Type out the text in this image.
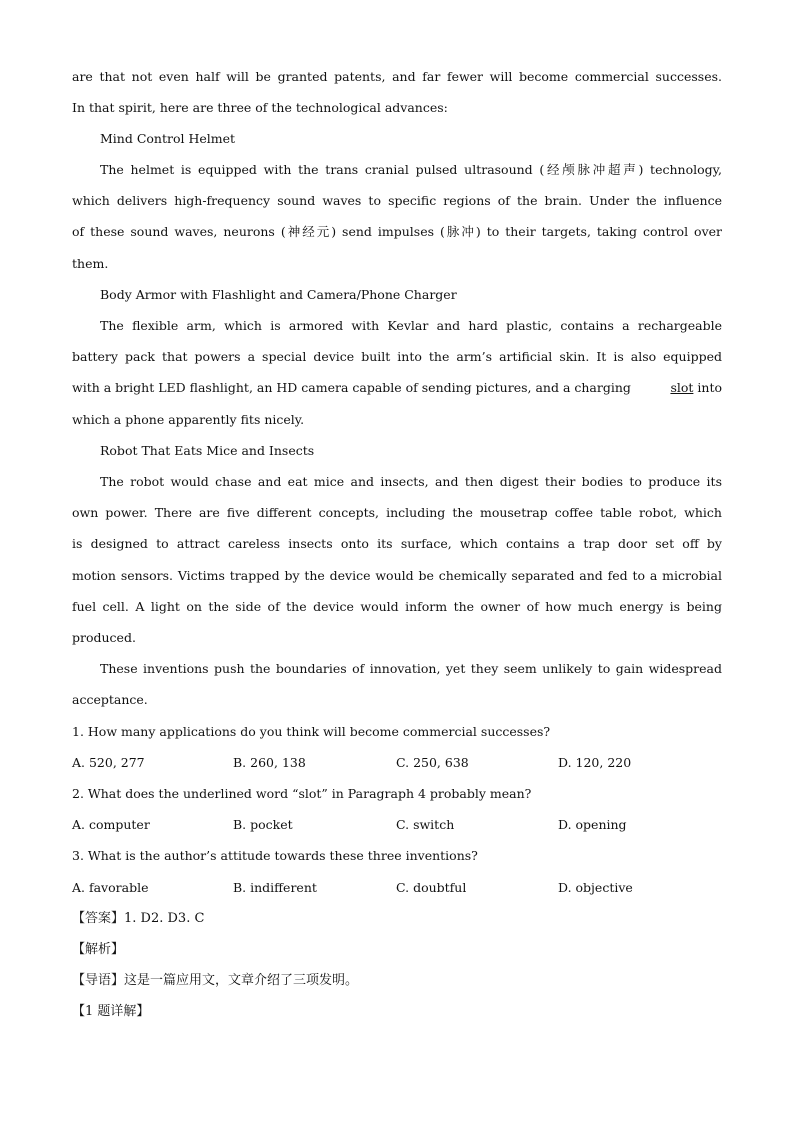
are that not even half will be granted patents, and far fewer will become commercial successes.
In that spirit, here are three of the technological advances:
Mind Control Helmet
The helmet is equipped with the trans cranial pulsed ultrasound (经颅脉冲超声) technology,
which delivers high-frequency sound waves to specific regions of the brain. Under the influence
of these sound waves, neurons (神经元) send impulses (脉冲) to their targets, taking control over
them.
Body Armor with Flashlight and Camera/Phone Charger
The flexible arm, which is armored with Kevlar and hard plastic, contains a rechargeable
battery pack that powers a special device built into the arm’s artificial skin. It is also equipped
with a bright LED flashlight, an HD camera capable of sending pictures, and a charging	slot into
which a phone apparently fits nicely.
Robot That Eats Mice and Insects
The robot would chase and eat mice and insects, and then digest their bodies to produce its
own power. There are five different concepts, including the mousetrap coffee table robot, which
is designed to attract careless insects onto its surface, which contains a trap door set off by
motion sensors. Victims trapped by the device would be chemically separated and fed to a microbial
fuel cell. A light on the side of the device would inform the owner of how much energy is being
produced.
These inventions push the boundaries of innovation, yet they seem unlikely to gain widespread
acceptance.
1. How many applications do you think will become commercial successes?
A. 520, 277	B. 260, 138	C. 250, 638	D. 120, 220
2. What does the underlined word “slot” in Paragraph 4 probably mean?
A. computer	B. pocket	C. switch	D. opening
3. What is the author’s attitude towards these three inventions?
A. favorable	B. indifferent	C. doubtful	D. objective
【答案】1. D2. D3. C
【解析】
【导语】这是一篇应用文，文章介绍了三项发明。
【1 题详解】
